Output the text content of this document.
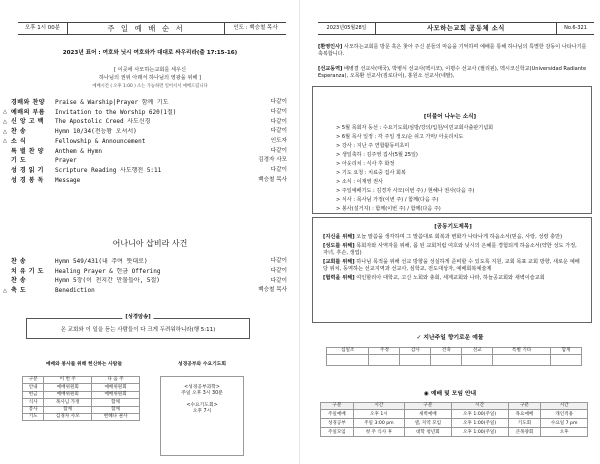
오후 1시 00분	주 일 예 배 순 서	인도 : 백승철 목사
2023년 표어 : 여호와 닛시 여호와가 대대로 싸우리라(출 17:15-16)
[ 이곳에 사모하는교회를 세우신
하나님의 권위 아래서 하나님의 영광을 위해 ]
예배시간 ( 오후 1:00 ) 소는 가능하면 일어서서 예배드립니다
경배와 찬양	Praise & Warship|Prayer 함께 기도	다같이
△ 예배의 부름	Invitation to the Worship 620(1절)	다같이
△ 신 앙 고 백	The Apostolic Creed 사도신경	다같이
△ 찬 송	Hymn 10/34(전능왕 오셔서)	다같이
△ 소 식	Fellowship & Announcement	인도자
특 별 찬 양	Anthem & Hymn	다같이
기 도	Prayer	김경자 사모
성 경 읽 기	Scripture Reading 사도행전 5:11	다같이
성 경 봉 독	Message	백승철 목사
어나니아 삽비라 사건
찬 송	Hymn 549/431(내 주여 뜻대로)	다같이
치 유 기 도	Healing Prayer & 헌금 Offering	다같이
찬 송	Hymn 5장(이 천지간 만물들아, 5절)	다같이
△ 축 도	Benediction	백승철 목사
[성경암송]
온 교회와 이 일을 듣는 사람들이 다 크게 두려워하니라(행 5:11)
예배와 봉사를 위해 헌신하는 사람들
구분	이 번 주	다 음 주
안내	예배위원회	예배위원회
헌금	예배위원회	예배위원회
식사	목사님 가정	함께
봉사	함께	함께
기도	김경자 사모	현혜나 권사
성경공부와 수요기도회
<성경공부과학>
주일 오후 3시 30분
<수요기도회>
오후 7시
2023년05월28일	사모하는교회 공동체 소식	No.6-321
[환영인사] 사모하는교회를 방문 혹은 찾아 주신 분들의 마음을 기억하며 예배를 통해 하나님의 특별한 감동이 나타나기를 축복합니다.
[선교동역] 배병결 선교사(태국), 박병식 선교사(멕시코), 이평수 선교사 (필리핀), 멕시코신학교(Universidad Radiante Esperanza), 오목환 선교사(짐로다이), 홍원소 선교사(네팔),
[더불어 나누는 소식]
> 5월 목회자 동선 : 수요기도회/심방/강의/입원/이민교회사출판기념회
> 6월 목사 일정 : 각 주일 정오/순 쉬고 가마/ 아웃리치도
> 강사 : 지난 주 연합활동미초미
> 생일축하 : 김주영 집사(5월 25일)
> 아웃리치 : 식사 후 화정
> 기도 요청 : 치료중 집사 회복
> 소식 : 이재영 권사
> 주일예배기도 : 김경자 사모(이번 주) / 현혜나 권사(다음 주)
> 식사 : 목사님 가정(이번 주) / 함께(다음 주)
> 봉사(설거지) : 함께(이번 주) / 함께(다음 주)
[공동기도제목]
[지신을 위해] 오늘 말씀을 생각하며 그 말씀대로 회복과 변화가 나타나게 하옵소서(믿음, 사랑, 성령 충만)
[성도를 위해] 목회자와 사역자를 위해, 몸 된 교회처럼 여호와 닛시의 은혜를 경험되게 하옵소서(약한 성도 가정, 자녀, 후손, 생업)
[교회를 위해] 하나님 목적을 위해 선교 방향을 성실하게 준비할 수 있도록 지원, 교회 목표 교회 방향, 새로운 예배당 위치, 동역하는 선교지역과 선교사, 심학교, 전도대상자, 예배회복예술제
[협력을 위해] 여인할리아 대학교, 고신 노회와 총회, 세계교회와 나라, 하늘공교회와 새벽이슬교회
✓ 지난주일 향기로운 예물
십일조	주정	감사	건축	선교	특별 기타	합계

◉ 예배 및 모임 안내
구분	시간	구분	시간	구분	시간
주일예배	오후 1시	새벽예배	오후 1:00(주일)	목요예배	개인적용
성경공부	주일 3:00 pm	셀, 지역 모임	오후 1:00(주일)	기도회	수요일 7 pm
주일모임	첫 주 식사 후	대학 청년회	오후 1:00(주일)	큰목양회	오후
